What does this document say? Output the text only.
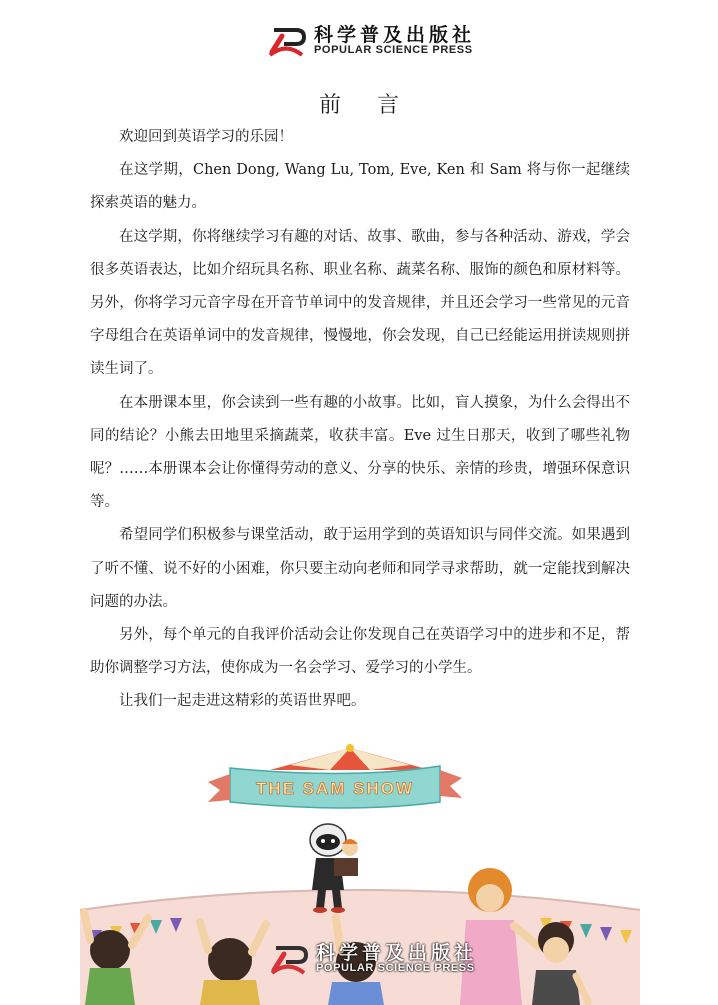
科学普及出版社
POPULAR SCIENCE PRESS
前言

欢迎回到英语学习的乐园！

在这学期，Chen Dong, Wang Lu, Tom, Eve, Ken 和 Sam 将与你一起继续探索英语的魅力。

在这学期，你将继续学习有趣的对话、故事、歌曲，参与各种活动、游戏，学会很多英语表达，比如介绍玩具名称、职业名称、蔬菜名称、服饰的颜色和原材料等。另外，你将学习元音字母在开音节单词中的发音规律，并且还会学习一些常见的元音字母组合在英语单词中的发音规律，慢慢地，你会发现，自己已经能运用拼读规则拼读生词了。

在本册课本里，你会读到一些有趣的小故事。比如，盲人摸象，为什么会得出不同的结论？小熊去田地里采摘蔬菜，收获丰富。Eve 过生日那天，收到了哪些礼物呢？……本册课本会让你懂得劳动的意义、分享的快乐、亲情的珍贵，增强环保意识等。

希望同学们积极参与课堂活动，敢于运用学到的英语知识与同伴交流。如果遇到了听不懂、说不好的小困难，你只要主动向老师和同学寻求帮助，就一定能找到解决问题的办法。

另外，每个单元的自我评价活动会让你发现自己在英语学习中的进步和不足，帮助你调整学习方法，使你成为一名会学习、爱学习的小学生。

让我们一起走进这精彩的英语世界吧。

THE SAM SHOW
科学普及出版社
POPULAR SCIENCE PRESS
